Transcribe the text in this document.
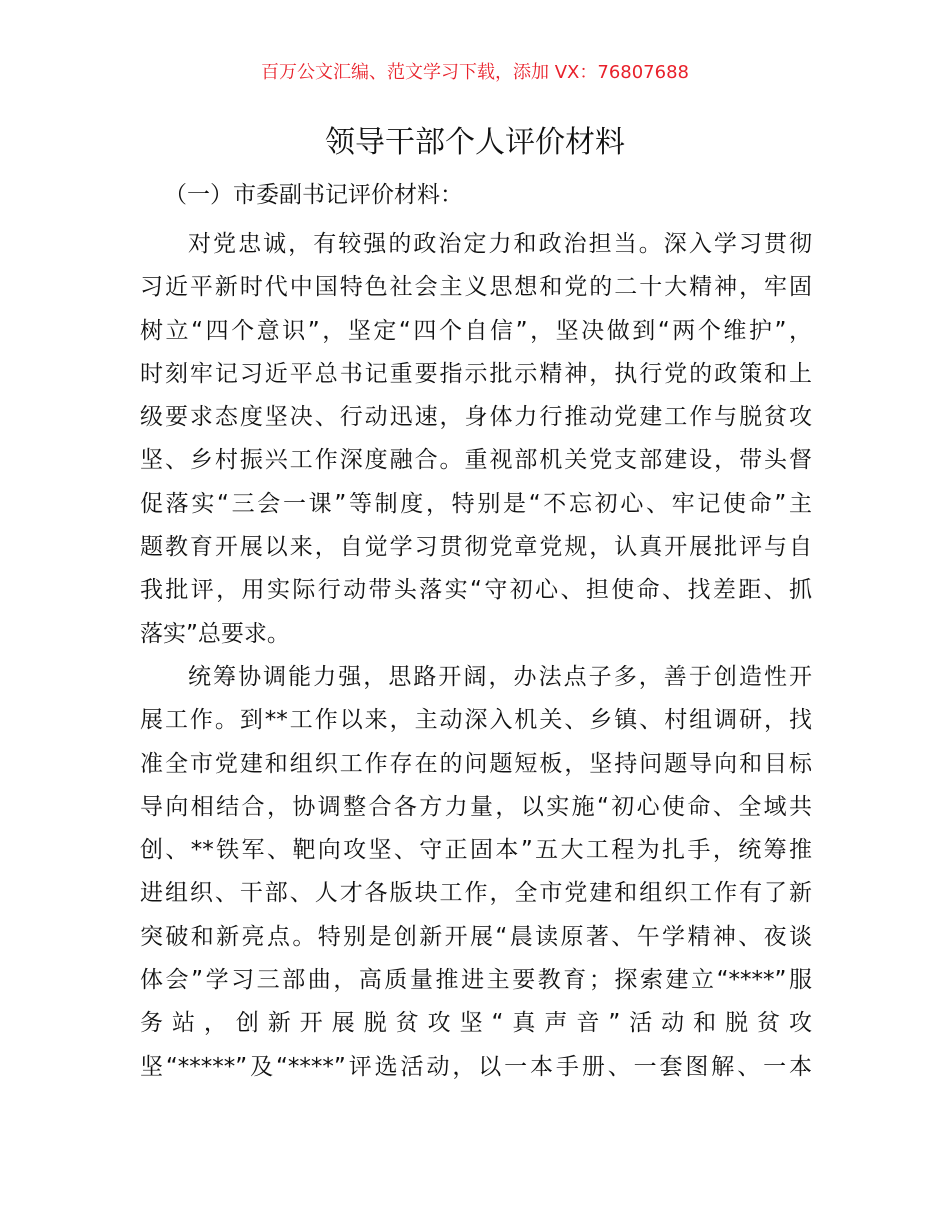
百万公文汇编、范文学习下载，添加 VX：76807688
领导干部个人评价材料
（一）市委副书记评价材料：
对党忠诚，有较强的政治定力和政治担当。深入学习贯彻
习近平新时代中国特色社会主义思想和党的二十大精神，牢固
树立“四个意识”，坚定“四个自信”，坚决做到“两个维护”，
时刻牢记习近平总书记重要指示批示精神，执行党的政策和上
级要求态度坚决、行动迅速，身体力行推动党建工作与脱贫攻
坚、乡村振兴工作深度融合。重视部机关党支部建设，带头督
促落实“三会一课”等制度，特别是“不忘初心、牢记使命”主
题教育开展以来，自觉学习贯彻党章党规，认真开展批评与自
我批评，用实际行动带头落实“守初心、担使命、找差距、抓
落实”总要求。
统筹协调能力强，思路开阔，办法点子多，善于创造性开
展工作。到**工作以来，主动深入机关、乡镇、村组调研，找
准全市党建和组织工作存在的问题短板，坚持问题导向和目标
导向相结合，协调整合各方力量，以实施“初心使命、全域共
创、**铁军、靶向攻坚、守正固本”五大工程为扎手，统筹推
进组织、干部、人才各版块工作，全市党建和组织工作有了新
突破和新亮点。特别是创新开展“晨读原著、午学精神、夜谈
体会”学习三部曲，高质量推进主要教育；探索建立“****”服
务站，创新开展脱贫攻坚“真声音”活动和脱贫攻
坚“*****”及“****”评选活动，以一本手册、一套图解、一本
